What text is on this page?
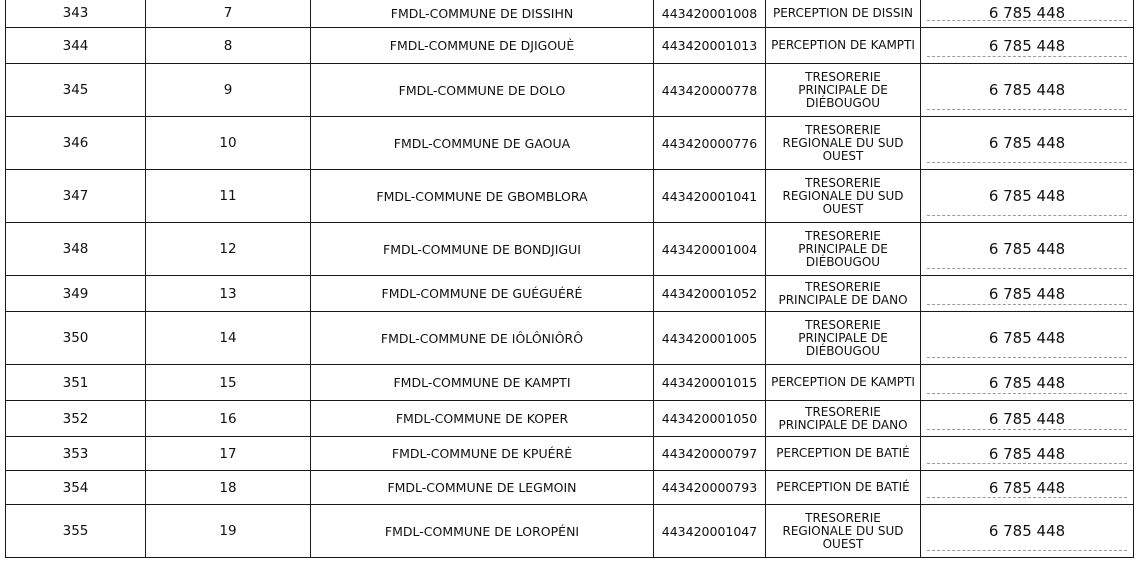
343	7	FMDL-COMMUNE DE DISSIHN	443420001008	PERCEPTION DE DISSIN	6 785 448
344	8	FMDL-COMMUNE DE DJIGOUÈ	443420001013	PERCEPTION DE KAMPTI	6 785 448
345	9	FMDL-COMMUNE DE DOLO	443420000778	TRESORERIE PRINCIPALE DE DIÉBOUGOU	6 785 448
346	10	FMDL-COMMUNE DE GAOUA	443420000776	TRESORERIE REGIONALE DU SUD OUEST	6 785 448
347	11	FMDL-COMMUNE DE GBOMBLORA	443420001041	TRESORERIE REGIONALE DU SUD OUEST	6 785 448
348	12	FMDL-COMMUNE DE BONDJIGUI	443420001004	TRESORERIE PRINCIPALE DE DIÉBOUGOU	6 785 448
349	13	FMDL-COMMUNE DE GUÉGUÉRÉ	443420001052	TRESORERIE PRINCIPALE DE DANO	6 785 448
350	14	FMDL-COMMUNE DE IÔLÔNIÔRÔ	443420001005	TRESORERIE PRINCIPALE DE DIÉBOUGOU	6 785 448
351	15	FMDL-COMMUNE DE KAMPTI	443420001015	PERCEPTION DE KAMPTI	6 785 448
352	16	FMDL-COMMUNE DE KOPER	443420001050	TRESORERIE PRINCIPALE DE DANO	6 785 448
353	17	FMDL-COMMUNE DE KPUÉRÉ	443420000797	PERCEPTION DE BATIÉ	6 785 448
354	18	FMDL-COMMUNE DE LEGMOIN	443420000793	PERCEPTION DE BATIÉ	6 785 448
355	19	FMDL-COMMUNE DE LOROPÉNI	443420001047	TRESORERIE REGIONALE DU SUD OUEST	6 785 448
